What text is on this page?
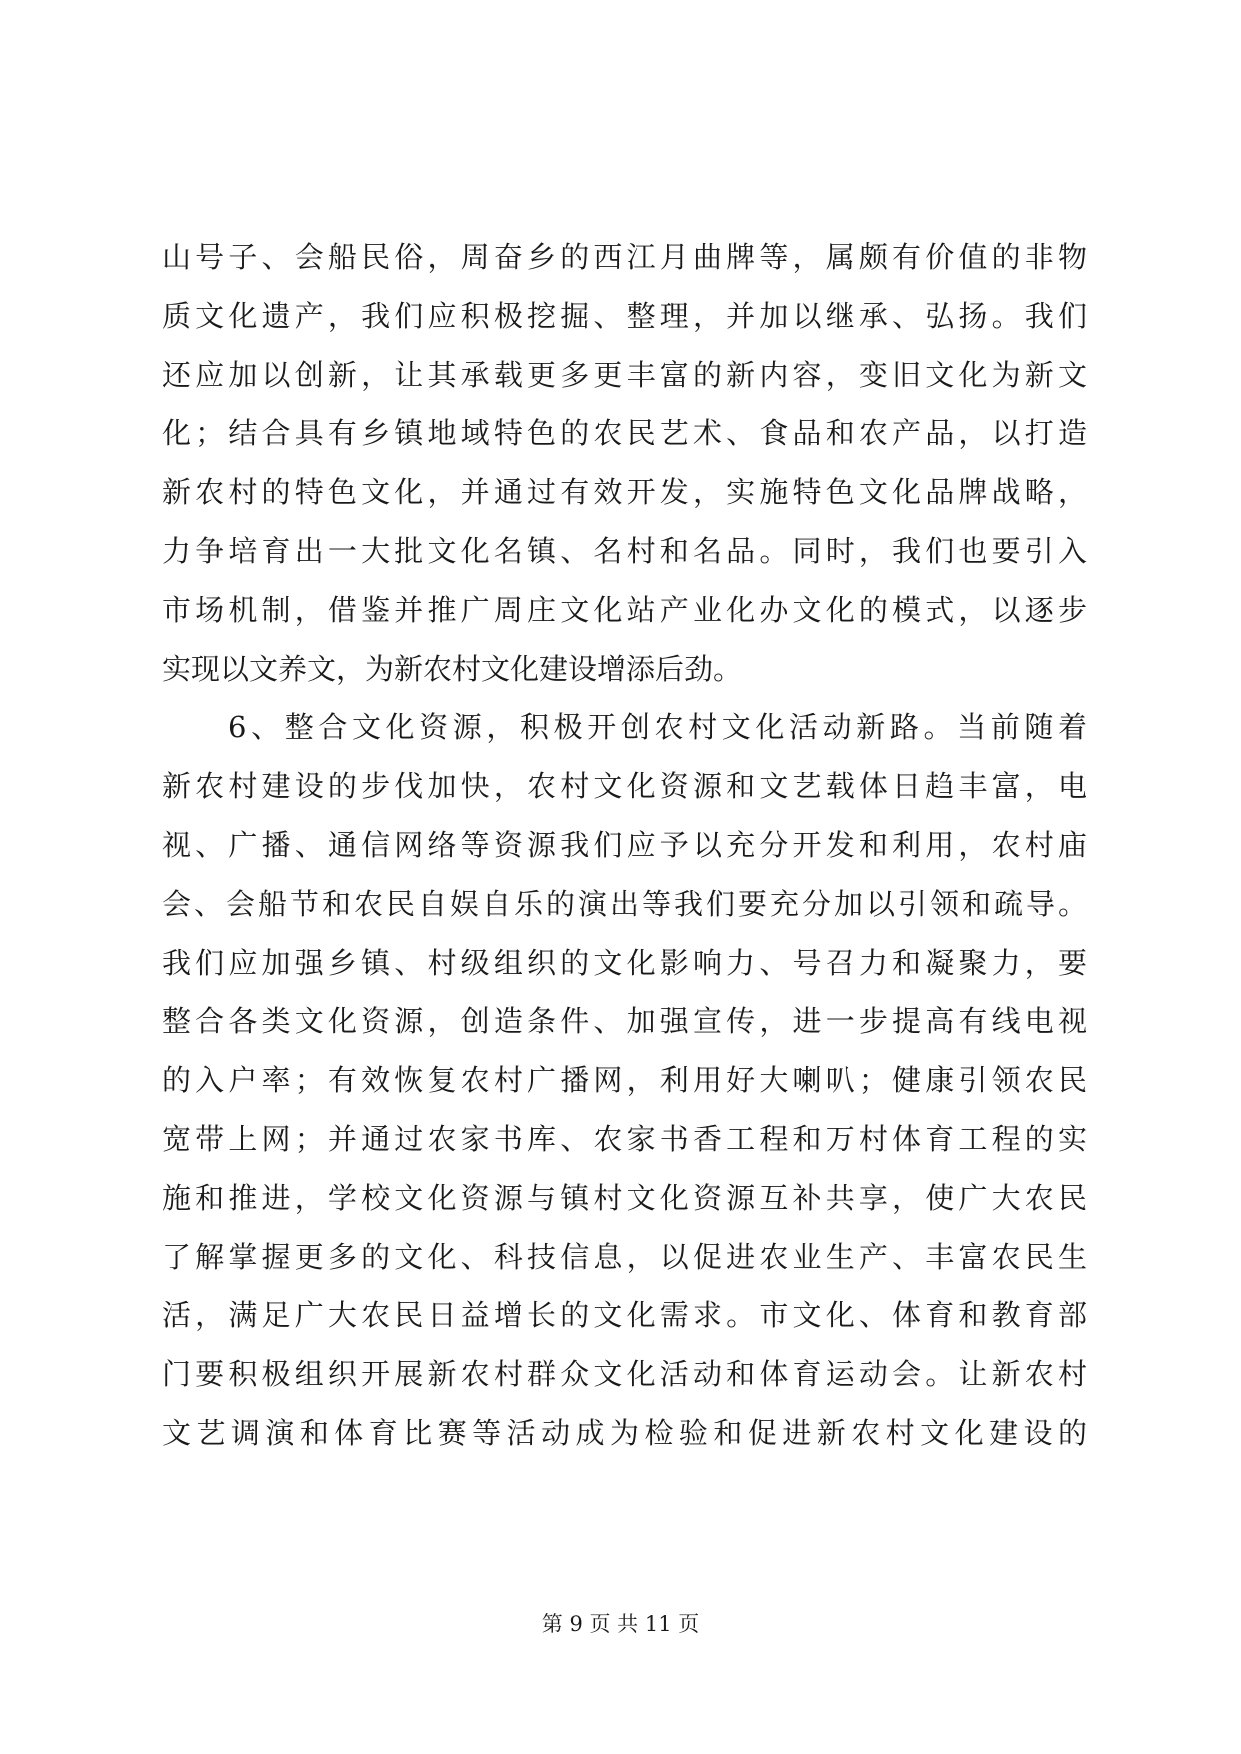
山号子、会船民俗，周奋乡的西江月曲牌等，属颇有价值的非物
质文化遗产，我们应积极挖掘、整理，并加以继承、弘扬。我们
还应加以创新，让其承载更多更丰富的新内容，变旧文化为新文
化；结合具有乡镇地域特色的农民艺术、食品和农产品，以打造
新农村的特色文化，并通过有效开发，实施特色文化品牌战略，
力争培育出一大批文化名镇、名村和名品。同时，我们也要引入
市场机制，借鉴并推广周庄文化站产业化办文化的模式，以逐步
实现以文养文，为新农村文化建设增添后劲。
6、整合文化资源，积极开创农村文化活动新路。当前随着
新农村建设的步伐加快，农村文化资源和文艺载体日趋丰富，电
视、广播、通信网络等资源我们应予以充分开发和利用，农村庙
会、会船节和农民自娱自乐的演出等我们要充分加以引领和疏导。
我们应加强乡镇、村级组织的文化影响力、号召力和凝聚力，要
整合各类文化资源，创造条件、加强宣传，进一步提高有线电视
的入户率；有效恢复农村广播网，利用好大喇叭；健康引领农民
宽带上网；并通过农家书库、农家书香工程和万村体育工程的实
施和推进，学校文化资源与镇村文化资源互补共享，使广大农民
了解掌握更多的文化、科技信息，以促进农业生产、丰富农民生
活，满足广大农民日益增长的文化需求。市文化、体育和教育部
门要积极组织开展新农村群众文化活动和体育运动会。让新农村
文艺调演和体育比赛等活动成为检验和促进新农村文化建设的
第 9 页 共 11 页
